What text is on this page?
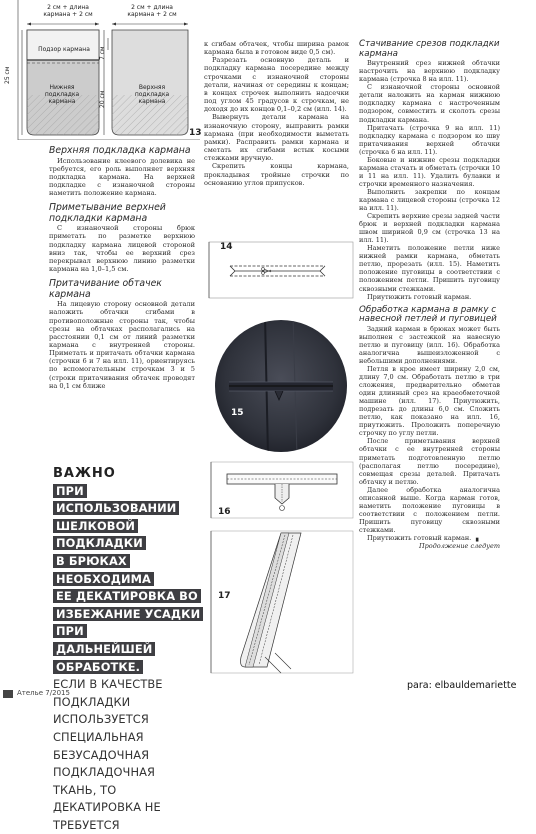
2 см + длина кармана + 2 см
2 см + длина кармана + 2 см
Подзор кармана
Нижняя подкладка кармана
Верхняя подкладка кармана
25 см
7 см
20 см
13
Верхняя подкладка кармана

Использование клеевого долевика не требуется, его роль выполняет верхняя подкладка кармана. На верхней подкладке с изнаночной стороны наметить положение кармана.

Приметывание верхней подкладки кармана

С изнаночной стороны брюк приметать по разметке верхнюю подкладку кармана лицевой стороной вниз так, чтобы ее верхний срез перекрывал верхнюю линию разметки кармана на 1,0–1,5 см.

Притачивание обтачек кармана

На лицевую сторону основной детали наложить обтачки сгибами в противоположные стороны так, чтобы срезы на обтачках располагались на расстоянии 0,1 см от линий разметки кармана с внутренней стороны. Приметать и притачать обтачки кармана (строчки 6 и 7 на илл. 11), ориентируясь по вспомогательным строчкам 3 и 5 (строки притачивания обтачек проводят на 0,1 см ближе

к сгибам обтачек, чтобы ширина рамок кармана была в готовом виде 0,5 см).

Разрезать основную деталь и подкладку кармана посередине между строчками с изнаночной стороны детали, начиная от середины к концам; в концах строчек выполнить надсечки под углом 45 градусов к строчкам, не доходя до их концов 0,1–0,2 см (илл. 14).

Вывернуть детали кармана на изнаночную сторону, выправить рамки кармана (при необходимости выметать рамки). Расправить рамки кармана и сметать их сгибами встык косыми стежками вручную.

Скрепить концы кармана, прокладывая тройные строчки по основанию углов припусков.

14
15
16
17
Стачивание срезов подкладки кармана

Внутренний срез нижней обтачки настрочить на верхнюю подкладку кармана (строчка 8 на илл. 11).

С изнаночной стороны основной детали наложить на карман нижнюю подкладку кармана с настроченным подзором, совместить и сколоть срезы подкладки кармана.

Притачать (строчка 9 на илл. 11) подкладку кармана с подзором ко шву притачивания верхней обтачки (строчка 6 на илл. 11).

Боковые и нижние срезы подкладки кармана стачать и обметать (строчки 10 и 11 на илл. 11). Удалить булавки и строчки временного назначения.

Выполнить закрепки по концам кармана с лицевой стороны (строчка 12 на илл. 11).

Скрепить верхние срезы задней части брюк и верхней подкладки кармана швом шириной 0,9 см (строчка 13 на илл. 11).

Наметить положение петли ниже нижней рамки кармана, обметать петлю, прорезать (илл. 15). Наметить положение пуговицы в соответствии с положением петли. Пришить пуговицу сквозными стежками.

Приутюжить готовый карман.

Обработка кармана в рамку с навесной петлей и пуговицей

Задний карман в брюках может быть выполнен с застежкой на навесную петлю и пуговицу (илл. 16). Обработка аналогична вышеизложенной с небольшими дополнениями.

Петля в крое имеет ширину 2,0 см, длину 7,0 см. Обработать петлю в три сложения, предварительно обметав один длинный срез на краеобметочной машине (илл. 17). Приутюжить, подрезать до длины 6,0 см. Сложить петлю, как показано на илл. 16, приутюжить. Проложить поперечную строчку по углу петли.

После приметывания верхней обтачки с ее внутренней стороны приметать подготовленную петлю (располагая петлю посередине), совмещая срезы деталей. Притачать обтачку и петлю.

Далее обработка аналогична описанной выше. Когда карман готов, наметить положение пуговицы в соответствии с положением петли. Пришить пуговицу сквозными стежками.

Приутюжить готовый карман. ▗

Продолжение следует
ВАЖНО
ПРИ ИСПОЛЬЗОВАНИИ
ШЕЛКОВОЙ ПОДКЛАДКИ
В БРЮКАХ НЕОБХОДИМА
ЕЕ ДЕКАТИРОВКА ВО
ИЗБЕЖАНИЕ УСАДКИ ПРИ
ДАЛЬНЕЙШЕЙ ОБРАБОТКЕ.
ЕСЛИ В КАЧЕСТВЕ
ПОДКЛАДКИ ИСПОЛЬЗУЕТСЯ
СПЕЦИАЛЬНАЯ
БЕЗУСАДОЧНАЯ
ПОДКЛАДОЧНАЯ ТКАНЬ, ТО
ДЕКАТИРОВКА НЕ ТРЕБУЕТСЯ
Ателье 7/2015
para: elbauldemariette
